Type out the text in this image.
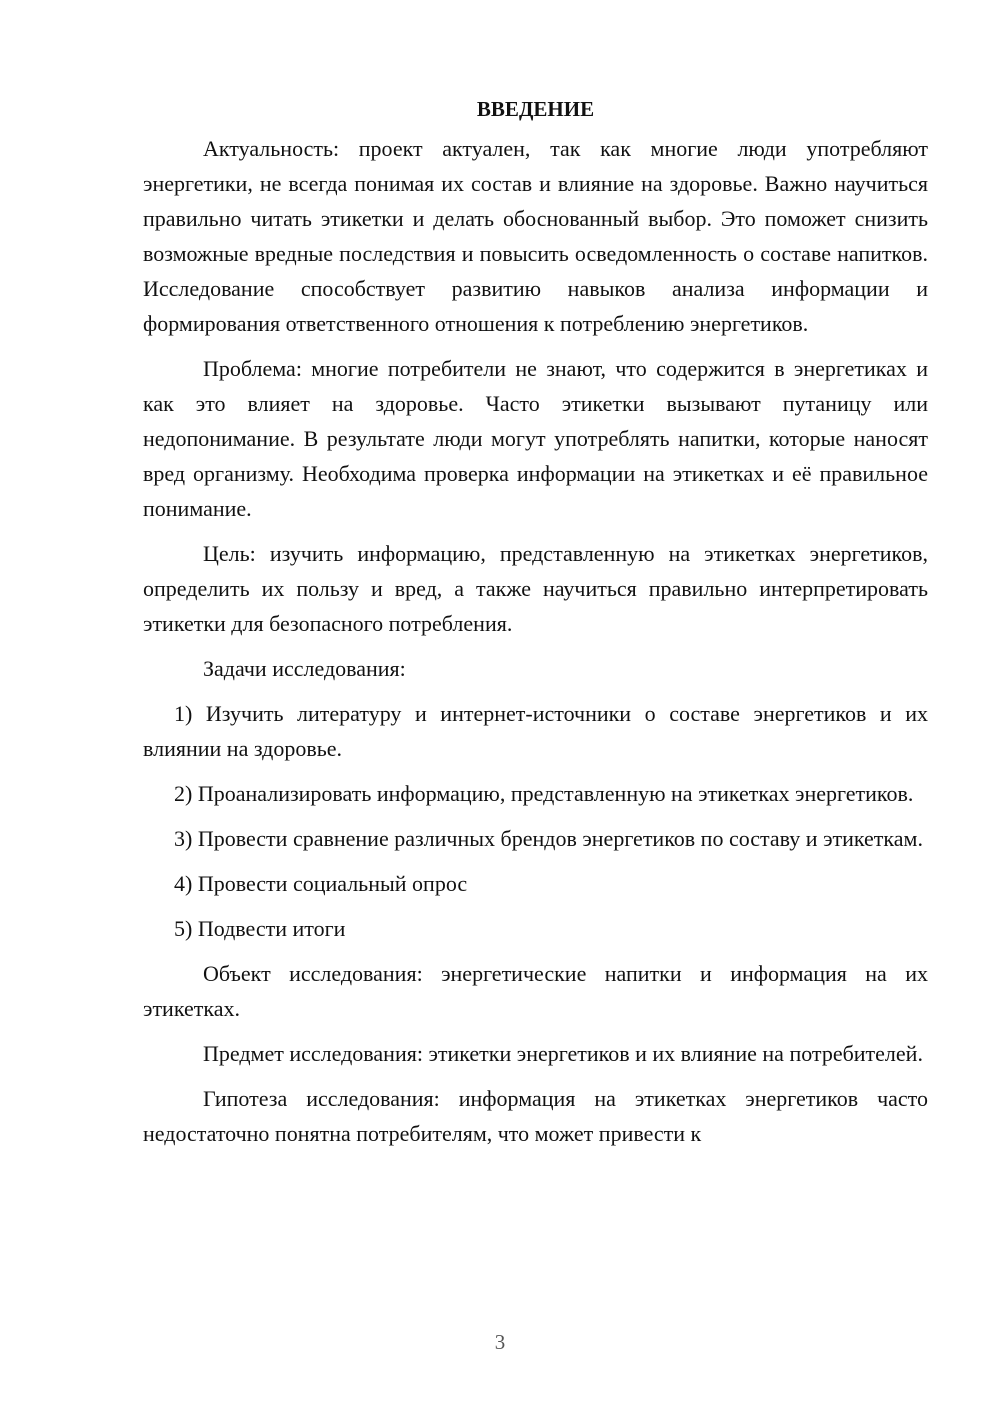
ВВЕДЕНИЕ

Актуальность: проект актуален, так как многие люди употребляют энергетики, не всегда понимая их состав и влияние на здоровье. Важно научиться правильно читать этикетки и делать обоснованный выбор. Это поможет снизить возможные вредные последствия и повысить осведомленность о составе напитков. Исследование способствует развитию навыков анализа информации и формирования ответственного отношения к потреблению энергетиков.

Проблема: многие потребители не знают, что содержится в энергетиках и как это влияет на здоровье. Часто этикетки вызывают путаницу или недопонимание. В результате люди могут употреблять напитки, которые наносят вред организму. Необходима проверка информации на этикетках и её правильное понимание.

Цель: изучить информацию, представленную на этикетках энергетиков, определить их пользу и вред, а также научиться правильно интерпретировать этикетки для безопасного потребления.

Задачи исследования:

1) Изучить литературу и интернет-источники о составе энергетиков и их влиянии на здоровье.

2) Проанализировать информацию, представленную на этикетках энергетиков.

3) Провести сравнение различных брендов энергетиков по составу и этикеткам.

4) Провести социальный опрос

5) Подвести итоги

Объект исследования: энергетические напитки и информация на их этикетках.

Предмет исследования: этикетки энергетиков и их влияние на потребителей.

Гипотеза исследования: информация на этикетках энергетиков часто недостаточно понятна потребителям, что может привести к

3
